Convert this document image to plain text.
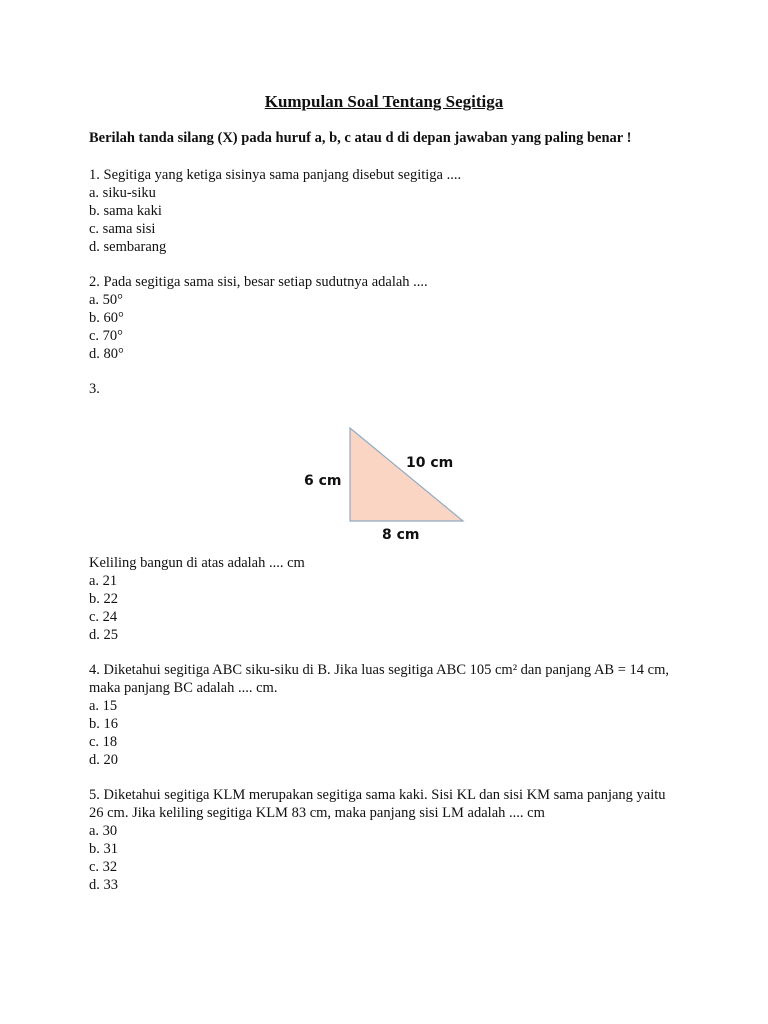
Kumpulan Soal Tentang Segitiga
Berilah tanda silang (X) pada huruf a, b, c atau d di depan jawaban yang paling benar !
1. Segitiga yang ketiga sisinya sama panjang disebut segitiga ....
a. siku-siku
b. sama kaki
c. sama sisi
d. sembarang
2. Pada segitiga sama sisi, besar setiap sudutnya adalah ....
a. 50°
b. 60°
c. 70°
d. 80°
3.
6 cm
10 cm
8 cm
Keliling bangun di atas adalah .... cm
a. 21
b. 22
c. 24
d. 25
4. Diketahui segitiga ABC siku-siku di B. Jika luas segitiga ABC 105 cm² dan panjang AB = 14 cm, maka panjang BC adalah .... cm.
a. 15
b. 16
c. 18
d. 20
5. Diketahui segitiga KLM merupakan segitiga sama kaki. Sisi KL dan sisi KM sama panjang yaitu 26 cm. Jika keliling segitiga KLM 83 cm, maka panjang sisi LM adalah .... cm
a. 30
b. 31
c. 32
d. 33
